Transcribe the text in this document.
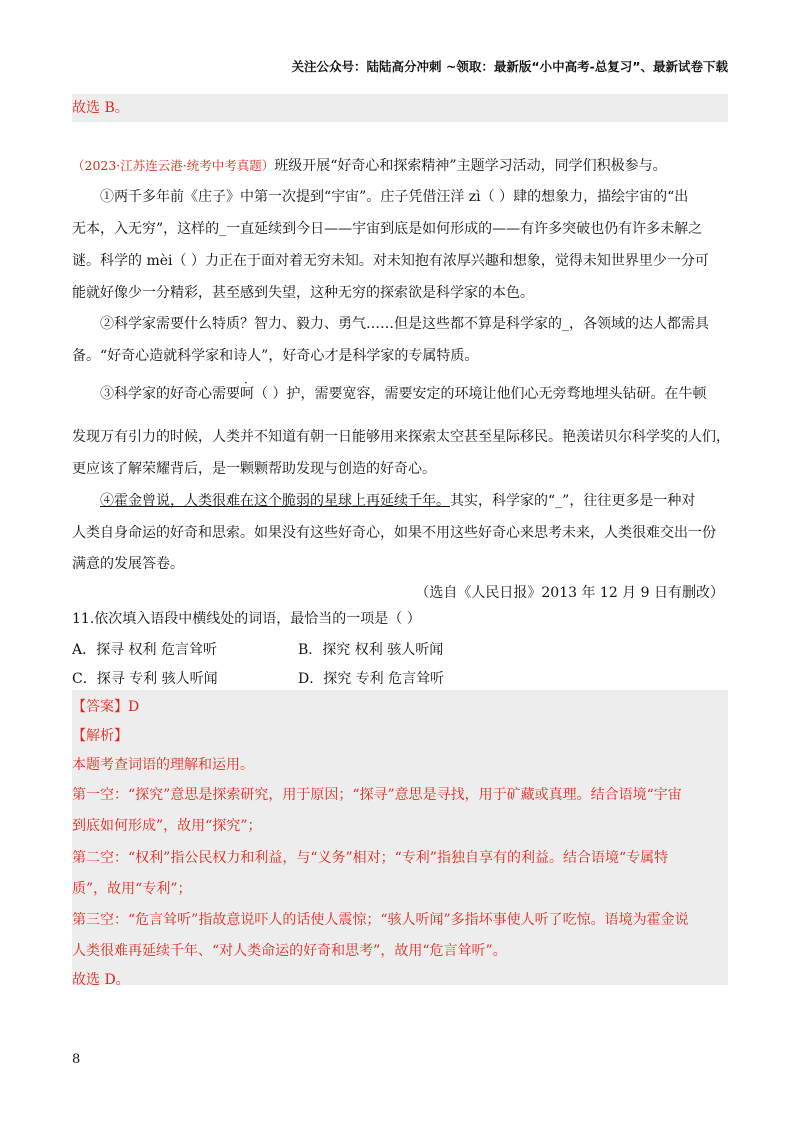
关注公众号：陆陆高分冲刺 ~领取：最新版“小中高考-总复习”、最新试卷下载
故选 B。
（2023·江苏连云港·统考中考真题）班级开展“好奇心和探索精神”主题学习活动，同学们积极参与。
①两千多年前《庄子》中第一次提到“宇宙”。庄子凭借汪洋 zì（ ）肆的想象力，描绘宇宙的“出
无本，入无穷”，这样的_一直延续到今日——宇宙到底是如何形成的——有许多突破也仍有许多未解之
谜。科学的 mèi（ ）力正在于面对着无穷未知。对未知抱有浓厚兴趣和想象，觉得未知世界里少一分可
能就好像少一分精彩，甚至感到失望，这种无穷的探索欲是科学家的本色。
②科学家需要什么特质？智力、毅力、勇气……但是这些都不算是科学家的_，各领域的达人都需具
备。“好奇心造就科学家和诗人”，好奇心才是科学家的专属特质。
③科学家的好奇心需要呵（ ）护，需要宽容，需要安定的环境让他们心无旁骛地埋头钻研。在牛顿
发现万有引力的时候，人类并不知道有朝一日能够用来探索太空甚至星际移民。艳羡诺贝尔科学奖的人们，
更应该了解荣耀背后，是一颗颗帮助发现与创造的好奇心。
④霍金曾说，人类很难在这个脆弱的星球上再延续千年。其实，科学家的“_”，往往更多是一种对
人类自身命运的好奇和思索。如果没有这些好奇心，如果不用这些好奇心来思考未来，人类很难交出一份
满意的发展答卷。
（选自《人民日报》2013 年 12 月 9 日有删改）
11.依次填入语段中横线处的词语，最恰当的一项是（ ）
A．探寻 权利 危言耸听	B．探究 权利 骇人听闻
C．探寻 专利 骇人听闻	D．探究 专利 危言耸听
【答案】D
【解析】
本题考查词语的理解和运用。
第一空：“探究”意思是探索研究，用于原因；“探寻”意思是寻找，用于矿藏或真理。结合语境“宇宙
到底如何形成”，故用“探究”；
第二空：“权利”指公民权力和利益，与“义务”相对；“专利”指独自享有的利益。结合语境“专属特
质”，故用“专利”；
第三空：“危言耸听”指故意说吓人的话使人震惊；“骇人听闻”多指坏事使人听了吃惊。语境为霍金说
人类很难再延续千年、“对人类命运的好奇和思考”，故用“危言耸听”。
故选 D。
8
